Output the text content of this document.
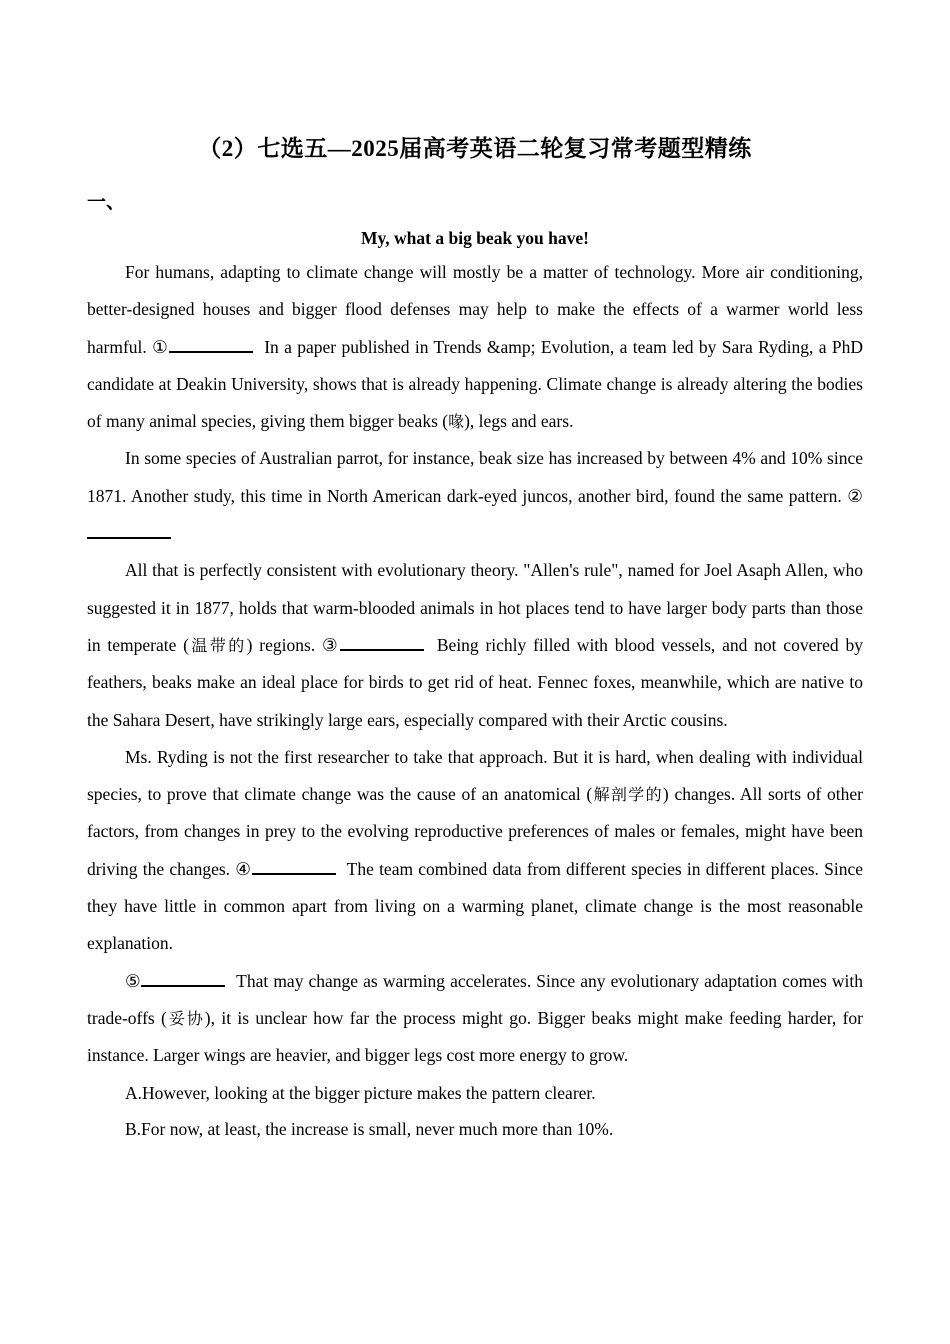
（2）七选五—2025届高考英语二轮复习常考题型精练
一、
My, what a big beak you have!

For humans, adapting to climate change will mostly be a matter of technology. More air conditioning, better-designed houses and bigger flood defenses may help to make the effects of a warmer world less harmful. ①	In a paper published in Trends &amp; Evolution, a team led by Sara Ryding, a PhD candidate at Deakin University, shows that is already happening. Climate change is already altering the bodies of many animal species, giving them bigger beaks (喙), legs and ears.

In some species of Australian parrot, for instance, beak size has increased by between 4% and 10% since 1871. Another study, this time in North American dark-eyed juncos, another bird, found the same pattern. ②

All that is perfectly consistent with evolutionary theory. "Allen's rule", named for Joel Asaph Allen, who suggested it in 1877, holds that warm-blooded animals in hot places tend to have larger body parts than those in temperate (温带的) regions. ③	Being richly filled with blood vessels, and not covered by feathers, beaks make an ideal place for birds to get rid of heat. Fennec foxes, meanwhile, which are native to the Sahara Desert, have strikingly large ears, especially compared with their Arctic cousins.

Ms. Ryding is not the first researcher to take that approach. But it is hard, when dealing with individual species, to prove that climate change was the cause of an anatomical (解剖学的) changes. All sorts of other factors, from changes in prey to the evolving reproductive preferences of males or females, might have been driving the changes. ④	The team combined data from different species in different places. Since they have little in common apart from living on a warming planet, climate change is the most reasonable explanation.

⑤	That may change as warming accelerates. Since any evolutionary adaptation comes with trade-offs (妥协), it is unclear how far the process might go. Bigger beaks might make feeding harder, for instance. Larger wings are heavier, and bigger legs cost more energy to grow.

A.However, looking at the bigger picture makes the pattern clearer.

B.For now, at least, the increase is small, never much more than 10%.
